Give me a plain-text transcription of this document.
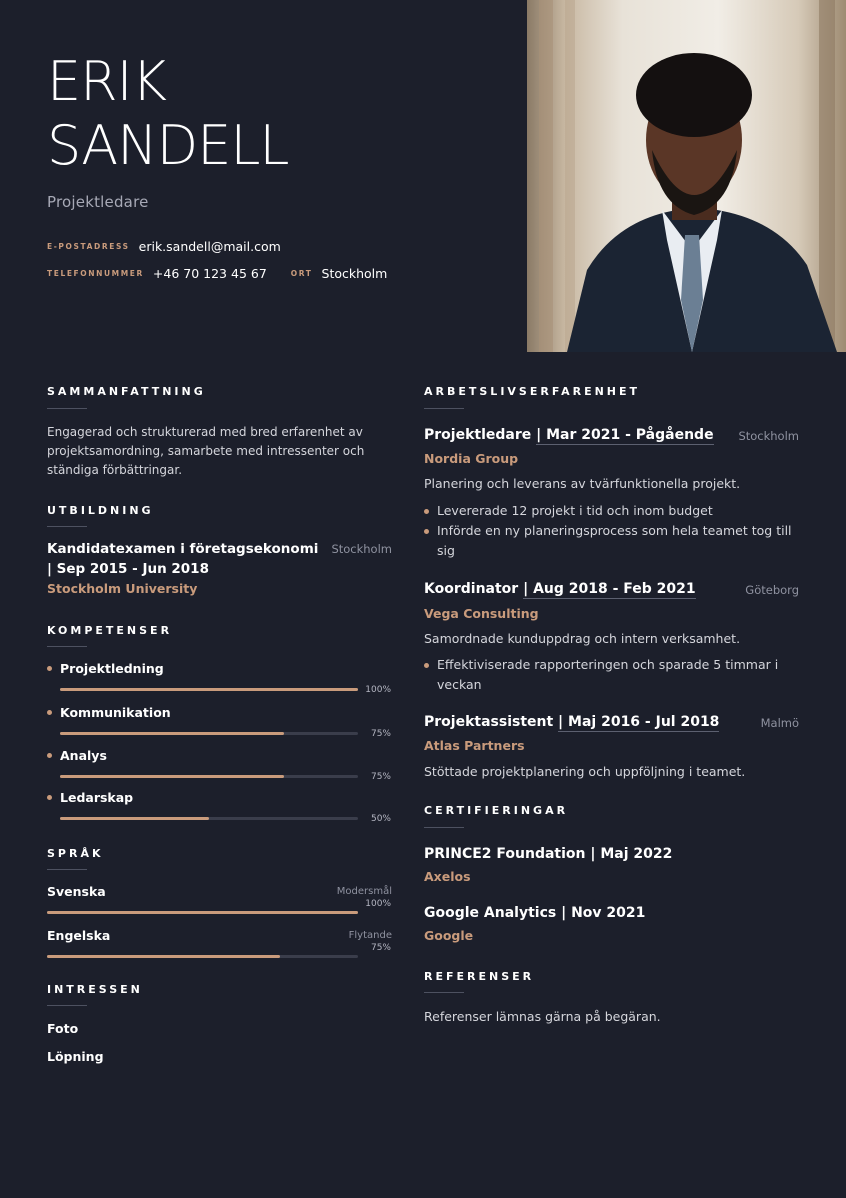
ERIK
SANDELL
Projektledare
E-POSTADRESS erik.sandell@mail.com
TELEFONNUMMER +46 70 123 45 67	ORT Stockholm
SAMMANFATTNING
Engagerad och strukturerad med bred erfarenhet av projektsamordning, samarbete med intressenter och ständiga förbättringar.
UTBILDNING
Kandidatexamen i företagsekonomi | Sep 2015 - Jun 2018
Stockholm
Stockholm University
KOMPETENSER
Projektledning
100%
Kommunikation
75%
Analys
75%
Ledarskap
50%
SPRÅK
Svenska	Modersmål
100%
Engelska	Flytande
75%
INTRESSEN
Foto
Löpning
ARBETSLIVSERFARENHET
Projektledare | Mar 2021 - Pågående Stockholm
Nordia Group
Planering och leverans av tvärfunktionella projekt.
Levererade 12 projekt i tid och inom budget
Införde en ny planeringsprocess som hela teamet tog till sig
Koordinator | Aug 2018 - Feb 2021	Göteborg
Vega Consulting
Samordnade kunduppdrag och intern verksamhet.
Effektiviserade rapporteringen och sparade 5 timmar i veckan
Projektassistent | Maj 2016 - Jul 2018	Malmö
Atlas Partners
Stöttade projektplanering och uppföljning i teamet.
CERTIFIERINGAR
PRINCE2 Foundation | Maj 2022
Axelos
Google Analytics | Nov 2021
Google
REFERENSER
Referenser lämnas gärna på begäran.
